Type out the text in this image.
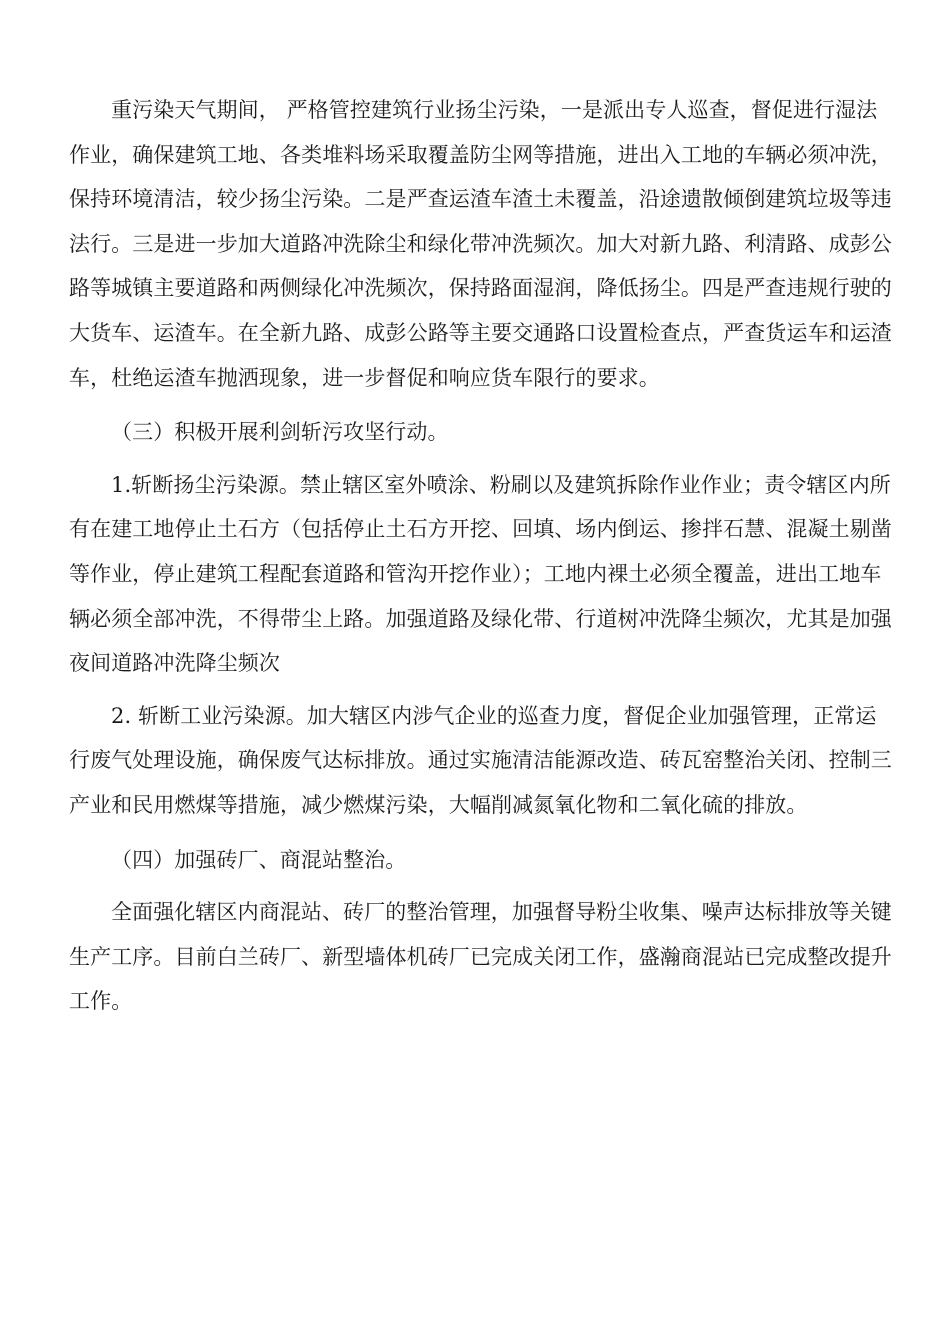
重污染天气期间， 严格管控建筑行业扬尘污染，一是派出专人巡查，督促进行湿法作业，确保建筑工地、各类堆料场采取覆盖防尘网等措施，进出入工地的车辆必须冲洗，保持环境清洁，较少扬尘污染。二是严查运渣车渣土未覆盖，沿途遗散倾倒建筑垃圾等违法行。三是进一步加大道路冲洗除尘和绿化带冲洗频次。加大对新九路、利清路、成彭公路等城镇主要道路和两侧绿化冲洗频次，保持路面湿润，降低扬尘。四是严查违规行驶的大货车、运渣车。在全新九路、成彭公路等主要交通路口设置检查点，严查货运车和运渣车，杜绝运渣车抛洒现象，进一步督促和响应货车限行的要求。

（三）积极开展利剑斩污攻坚行动。

1.斩断扬尘污染源。禁止辖区室外喷涂、粉刷以及建筑拆除作业作业；责令辖区内所有在建工地停止土石方（包括停止土石方开挖、回填、场内倒运、掺拌石慧、混凝土剔凿等作业，停止建筑工程配套道路和管沟开挖作业）；工地内裸土必须全覆盖，进出工地车辆必须全部冲洗，不得带尘上路。加强道路及绿化带、行道树冲洗降尘频次，尤其是加强夜间道路冲洗降尘频次

2. 斩断工业污染源。加大辖区内涉气企业的巡查力度，督促企业加强管理，正常运行废气处理设施，确保废气达标排放。通过实施清洁能源改造、砖瓦窑整治关闭、控制三产业和民用燃煤等措施，减少燃煤污染，大幅削减氮氧化物和二氧化硫的排放。

（四）加强砖厂、商混站整治。

全面强化辖区内商混站、砖厂的整治管理，加强督导粉尘收集、噪声达标排放等关键生产工序。目前白兰砖厂、新型墙体机砖厂已完成关闭工作，盛瀚商混站已完成整改提升工作。
